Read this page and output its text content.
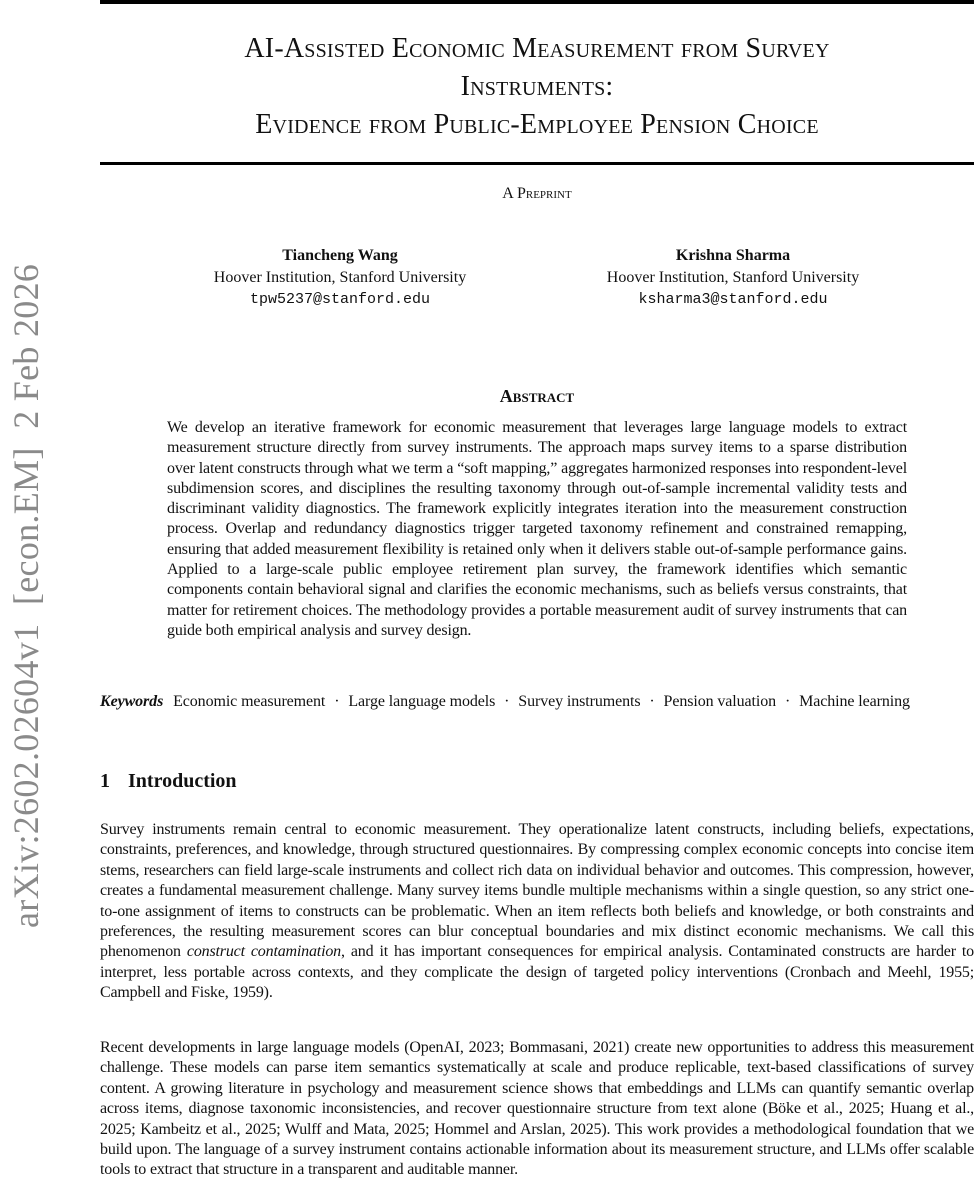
arXiv:2602.02604v1  [econ.EM]  2 Feb 2026
AI-Assisted Economic Measurement from Survey
Instruments:
Evidence from Public-Employee Pension Choice
A Preprint
Tiancheng Wang
Hoover Institution, Stanford University
tpw5237@stanford.edu
Krishna Sharma
Hoover Institution, Stanford University
ksharma3@stanford.edu
Abstract

We develop an iterative framework for economic measurement that leverages large language models to extract measurement structure directly from survey instruments. The approach maps survey items to a sparse distribution over latent constructs through what we term a “soft mapping,” aggregates harmonized responses into respondent-level subdimension scores, and disciplines the resulting taxonomy through out-of-sample incremental validity tests and discriminant validity diagnostics. The framework explicitly integrates iteration into the measurement construction process. Overlap and redundancy diagnostics trigger targeted taxonomy refinement and constrained remapping, ensuring that added measurement flexibility is retained only when it delivers stable out-of-sample performance gains. Applied to a large-scale public employee retirement plan survey, the framework identifies which semantic components contain behavioral signal and clarifies the economic mechanisms, such as beliefs versus constraints, that matter for retirement choices. The methodology provides a portable measurement audit of survey instruments that can guide both empirical analysis and survey design.

Keywords Economic measurement · Large language models · Survey instruments · Pension valuation · Machine learning
1 Introduction

Survey instruments remain central to economic measurement. They operationalize latent constructs, including beliefs, expectations, constraints, preferences, and knowledge, through structured questionnaires. By compressing complex economic concepts into concise item stems, researchers can field large-scale instruments and collect rich data on individual behavior and outcomes. This compression, however, creates a fundamental measurement challenge. Many survey items bundle multiple mechanisms within a single question, so any strict one-to-one assignment of items to constructs can be problematic. When an item reflects both beliefs and knowledge, or both constraints and preferences, the resulting measurement scores can blur conceptual boundaries and mix distinct economic mechanisms. We call this phenomenon construct contamination, and it has important consequences for empirical analysis. Contaminated constructs are harder to interpret, less portable across contexts, and they complicate the design of targeted policy interventions (Cronbach and Meehl, 1955; Campbell and Fiske, 1959).

Recent developments in large language models (OpenAI, 2023; Bommasani, 2021) create new opportunities to address this measurement challenge. These models can parse item semantics systematically at scale and produce replicable, text-based classifications of survey content. A growing literature in psychology and measurement science shows that embeddings and LLMs can quantify semantic overlap across items, diagnose taxonomic inconsistencies, and recover questionnaire structure from text alone (Böke et al., 2025; Huang et al., 2025; Kambeitz et al., 2025; Wulff and Mata, 2025; Hommel and Arslan, 2025). This work provides a methodological foundation that we build upon. The language of a survey instrument contains actionable information about its measurement structure, and LLMs offer scalable tools to extract that structure in a transparent and auditable manner.
